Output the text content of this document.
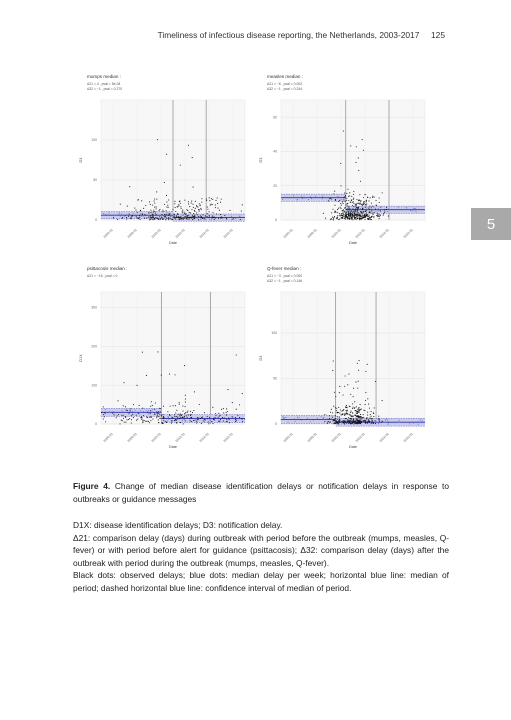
Timeliness of infectious disease reporting, the Netherlands, 2003-2017 125
5
mumps median :
Δ21 = 4 , pval = 5e-04
Δ32 = −1 , pval = 0.270
0
50
100
2006-01	2008-01	2010-01	2012-01	2014-01	2016-01
Date
D3
measles median :
Δ21 = −6 , pval = 0.002
Δ32 = −1 , pval = 0.244
0
20
40
60
2006-01	2008-01	2010-01	2012-01	2014-01	2016-01
Date
D3
psittacosis median :
Δ21 = −16 , pval = 0
0
100
200
300
2006-01	2008-01	2010-01	2012-01	2014-01	2016-01
Date
D1X
Q-fever median :
Δ21 = −3 , pval = 0.000
Δ32 = −1 , pval = 0.146
0
50
100
2006-01	2008-01	2010-01	2012-01	2014-01	2016-01
Date
D3
Figure 4. Change of median disease identification delays or notification delays in response to outbreaks or guidance messages

D1X: disease identification delays; D3: notification delay.

Δ21: comparison delay (days) during outbreak with period before the outbreak (mumps, measles, Q-fever) or with period before alert for guidance (psittacosis); Δ32: comparison delay (days) after the outbreak with period during the outbreak (mumps, measles, Q-fever).

Black dots: observed delays; blue dots: median delay per week; horizontal blue line: median of period; dashed horizontal blue line: confidence interval of median of period.
